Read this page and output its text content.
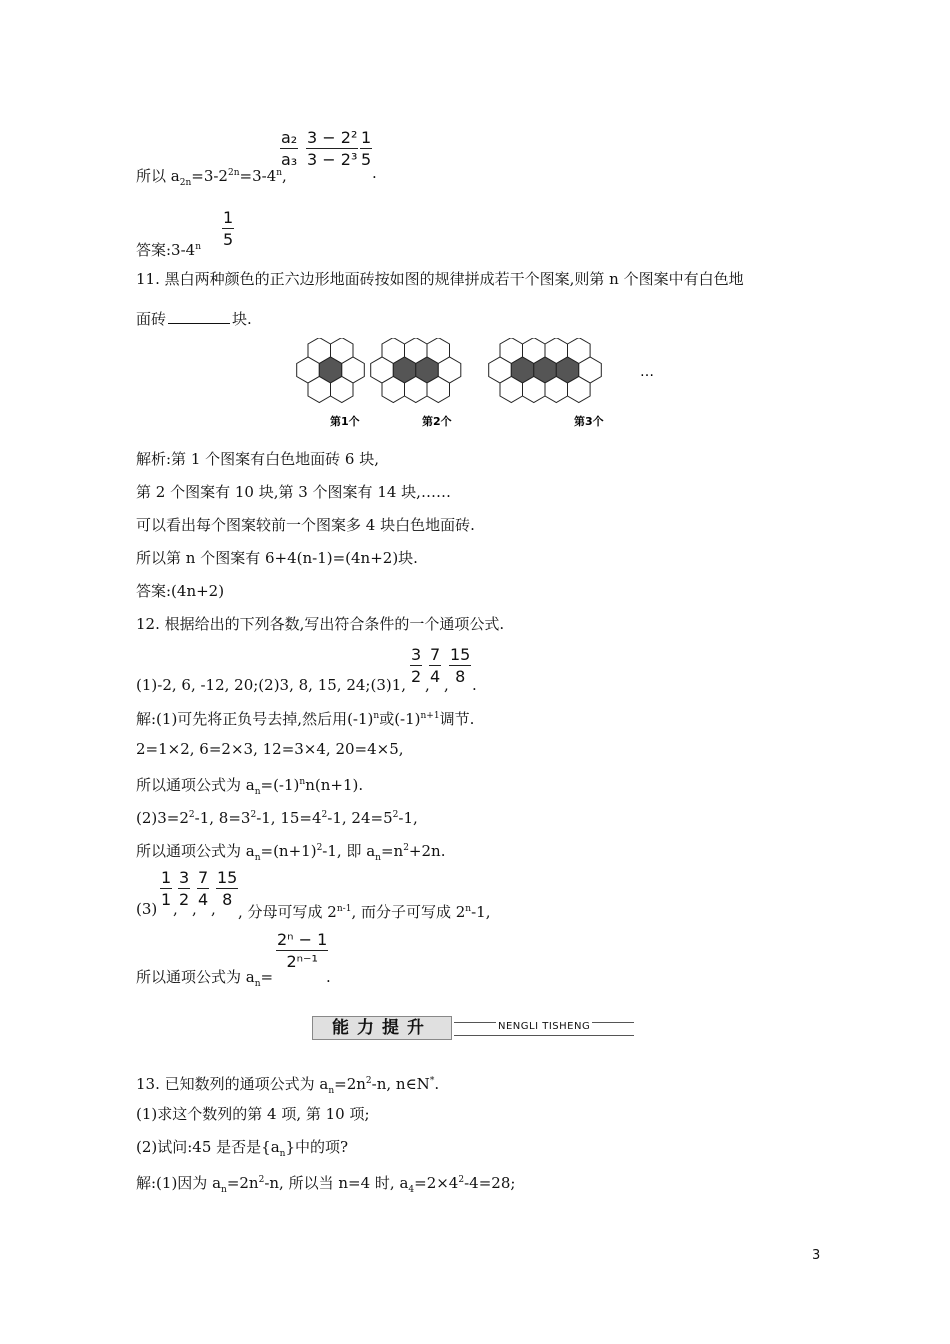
$\frac{\text{a₂}}{\text{a₃}} \frac{\text{3 − 2²}}{\text{3 − 2³}} \frac{1}{5}$
所以 $a_{2n}=3-2^{2n}=3-4^n$,	.
$\frac{1}{5}$
答案:3-4$^n$
11. 黑白两种颜色的正六边形地面砖按如图的规律拼成若干个图案,则第 n 个图案中有白色地
面砖	块.
第1个	第2个	第3个
…
解析:第 1 个图案有白色地面砖 6 块,
第 2 个图案有 10 块,第 3 个图案有 14 块,……
可以看出每个图案较前一个图案多 4 块白色地面砖.
所以第 n 个图案有 6+4(n-1)=(4n+2)块.
答案:(4n+2)
12. 根据给出的下列各数,写出符合条件的一个通项公式.
$\frac{3}{2} \frac{7}{4} \frac{15}{8}$
(1)-2, 6, -12, 20;(2)3, 8, 15, 24;(3)1, , , .
解:(1)可先将正负号去掉,然后用$(-1)^n$或$(-1)^{n+1}$调节.
2=1×2, 6=2×3, 12=3×4, 20=4×5,
所以通项公式为 $a_n=(-1)^nn(n+1)$.
$(2)3=2^2-1$, $8=3^2-1$, $15=4^2-1$, $24=5^2-1$,
所以通项公式为 $a_n=(n+1)^2-1$, 即 $a_n=n^2+2n$.
$\frac{1}{1} \frac{3}{2} \frac{7}{4} \frac{15}{8}$
(3) , , , , 分母可写成 2$^{n-1}$, 而分子可写成 2$^n$-1,
$\frac{\text{2ⁿ − 1}}{\text{2ⁿ⁻¹}}$
所以通项公式为 $a_n=$	.
能力提升	NENGLI TISHENG
13. 已知数列的通项公式为 $a_n=2n^2-n$, n∈N*.
(1)求这个数列的第 4 项, 第 10 项;
(2)试问:45 是否是$\{a_n\}$中的项?
解:(1)因为 $a_n=2n^2-n$, 所以当 n=4 时, $a_4=2\times 4^2-4=28$;
3
